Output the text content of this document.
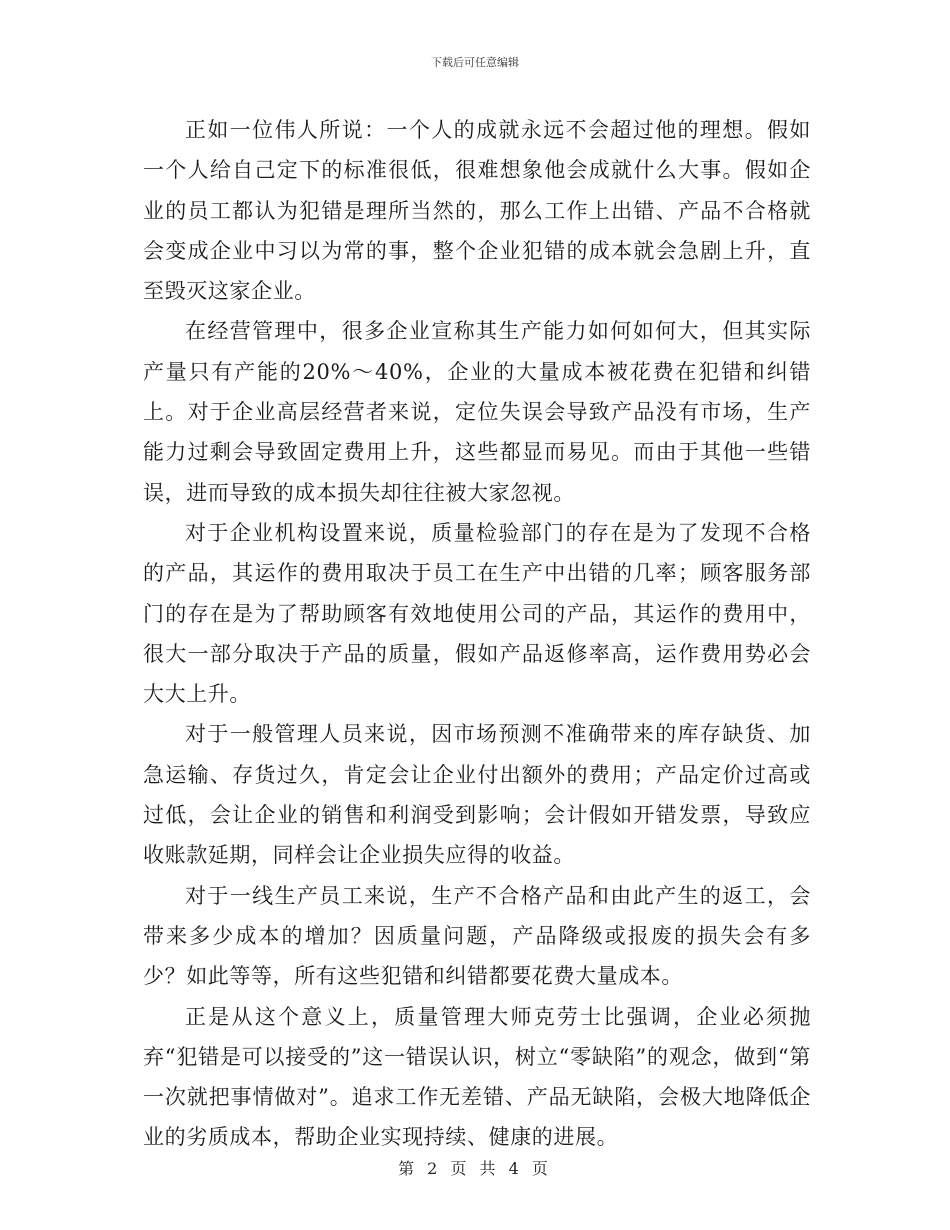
下载后可任意编辑

正如一位伟人所说：一个人的成就永远不会超过他的理想。假如一个人给自己定下的标准很低，很难想象他会成就什么大事。假如企业的员工都认为犯错是理所当然的，那么工作上出错、产品不合格就会变成企业中习以为常的事，整个企业犯错的成本就会急剧上升，直至毁灭这家企业。

在经营管理中，很多企业宣称其生产能力如何如何大，但其实际产量只有产能的20%～40%，企业的大量成本被花费在犯错和纠错上。对于企业高层经营者来说，定位失误会导致产品没有市场，生产能力过剩会导致固定费用上升，这些都显而易见。而由于其他一些错误，进而导致的成本损失却往往被大家忽视。

对于企业机构设置来说，质量检验部门的存在是为了发现不合格的产品，其运作的费用取决于员工在生产中出错的几率；顾客服务部门的存在是为了帮助顾客有效地使用公司的产品，其运作的费用中，很大一部分取决于产品的质量，假如产品返修率高，运作费用势必会大大上升。

对于一般管理人员来说，因市场预测不准确带来的库存缺货、加急运输、存货过久，肯定会让企业付出额外的费用；产品定价过高或过低，会让企业的销售和利润受到影响；会计假如开错发票，导致应收账款延期，同样会让企业损失应得的收益。

对于一线生产员工来说，生产不合格产品和由此产生的返工，会带来多少成本的增加？因质量问题，产品降级或报废的损失会有多少？如此等等，所有这些犯错和纠错都要花费大量成本。

正是从这个意义上，质量管理大师克劳士比强调，企业必须抛弃“犯错是可以接受的”这一错误认识，树立“零缺陷”的观念，做到“第一次就把事情做对”。追求工作无差错、产品无缺陷，会极大地降低企业的劣质成本，帮助企业实现持续、健康的进展。

第 2 页 共 4 页
